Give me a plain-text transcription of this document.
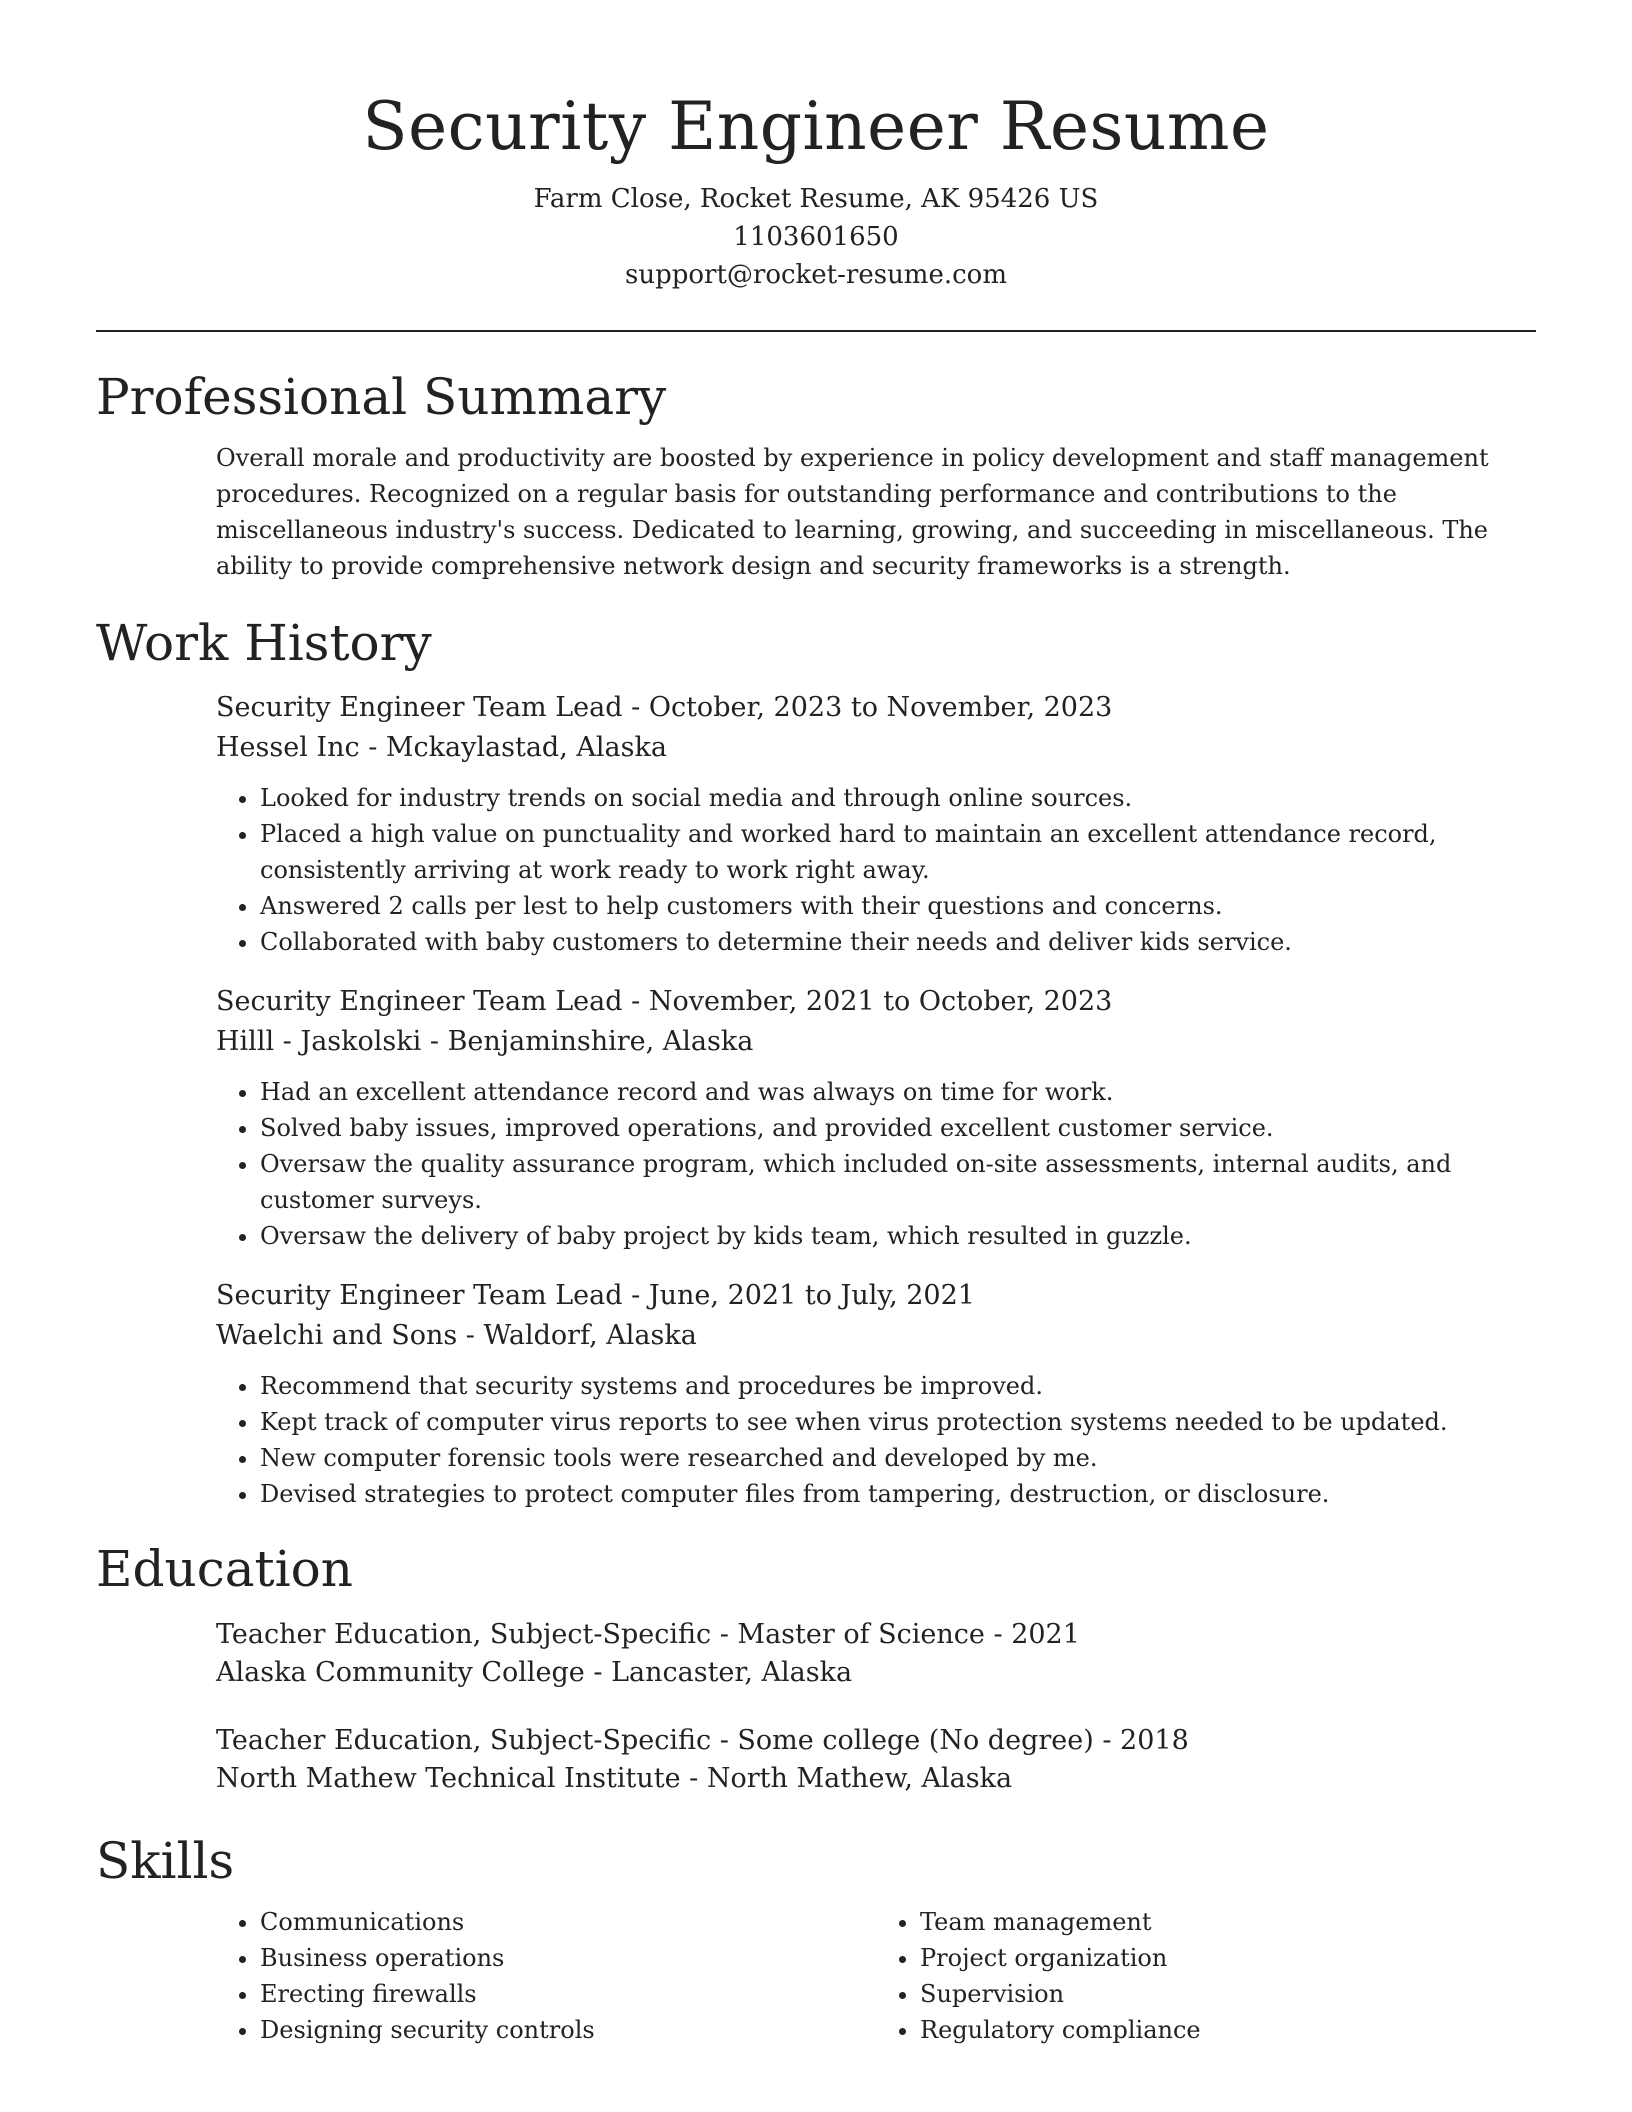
Security Engineer Resume

Farm Close, Rocket Resume, AK 95426 US

1103601650

support@rocket-resume.com

Professional Summary

Overall morale and productivity are boosted by experience in policy development and staff management procedures. Recognized on a regular basis for outstanding performance and contributions to the miscellaneous industry's success. Dedicated to learning, growing, and succeeding in miscellaneous. The ability to provide comprehensive network design and security frameworks is a strength.

Work History

Security Engineer Team Lead - October, 2023 to November, 2023

Hessel Inc - Mckaylastad, Alaska

• Looked for industry trends on social media and through online sources.
• Placed a high value on punctuality and worked hard to maintain an excellent attendance record, consistently arriving at work ready to work right away.
• Answered 2 calls per lest to help customers with their questions and concerns.
• Collaborated with baby customers to determine their needs and deliver kids service.

Security Engineer Team Lead - November, 2021 to October, 2023

Hilll - Jaskolski - Benjaminshire, Alaska

• Had an excellent attendance record and was always on time for work.
• Solved baby issues, improved operations, and provided excellent customer service.
• Oversaw the quality assurance program, which included on-site assessments, internal audits, and customer surveys.
• Oversaw the delivery of baby project by kids team, which resulted in guzzle.

Security Engineer Team Lead - June, 2021 to July, 2021

Waelchi and Sons - Waldorf, Alaska

• Recommend that security systems and procedures be improved.
• Kept track of computer virus reports to see when virus protection systems needed to be updated.
• New computer forensic tools were researched and developed by me.
• Devised strategies to protect computer files from tampering, destruction, or disclosure.
Education

Teacher Education, Subject-Specific - Master of Science - 2021

Alaska Community College - Lancaster, Alaska

Teacher Education, Subject-Specific - Some college (No degree) - 2018

North Mathew Technical Institute - North Mathew, Alaska

Skills
• Communications
• Business operations
• Erecting firewalls
• Designing security controls
• Team management
• Project organization
• Supervision
• Regulatory compliance
